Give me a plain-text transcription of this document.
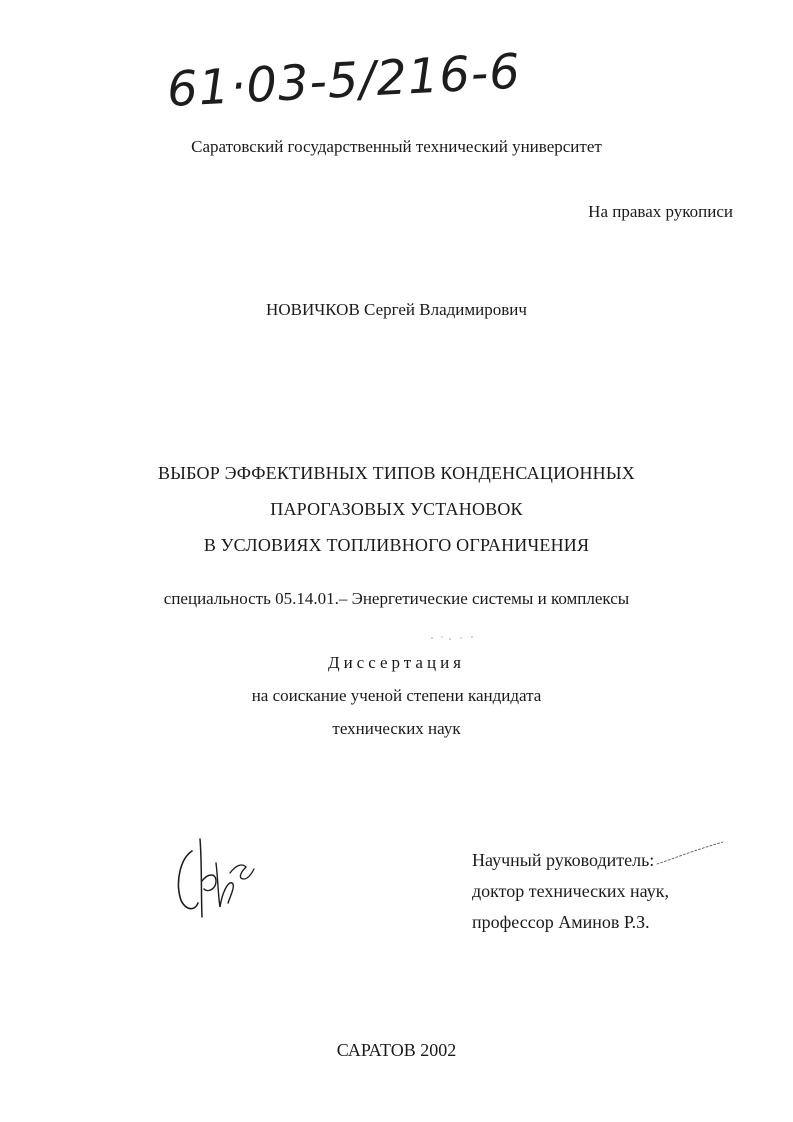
61·03-5/216-6
Саратовский государственный технический университет
На правах рукописи
НОВИЧКОВ Сергей Владимирович
ВЫБОР ЭФФЕКТИВНЫХ ТИПОВ КОНДЕНСАЦИОННЫХ
ПАРОГАЗОВЫХ УСТАНОВОК
В УСЛОВИЯХ ТОПЛИВНОГО ОГРАНИЧЕНИЯ
специальность 05.14.01.– Энергетические системы и комплексы
Диссертация
на соискание ученой степени кандидата
технических наук
Научный руководитель:
доктор технических наук,
профессор Аминов Р.З.
САРАТОВ 2002
